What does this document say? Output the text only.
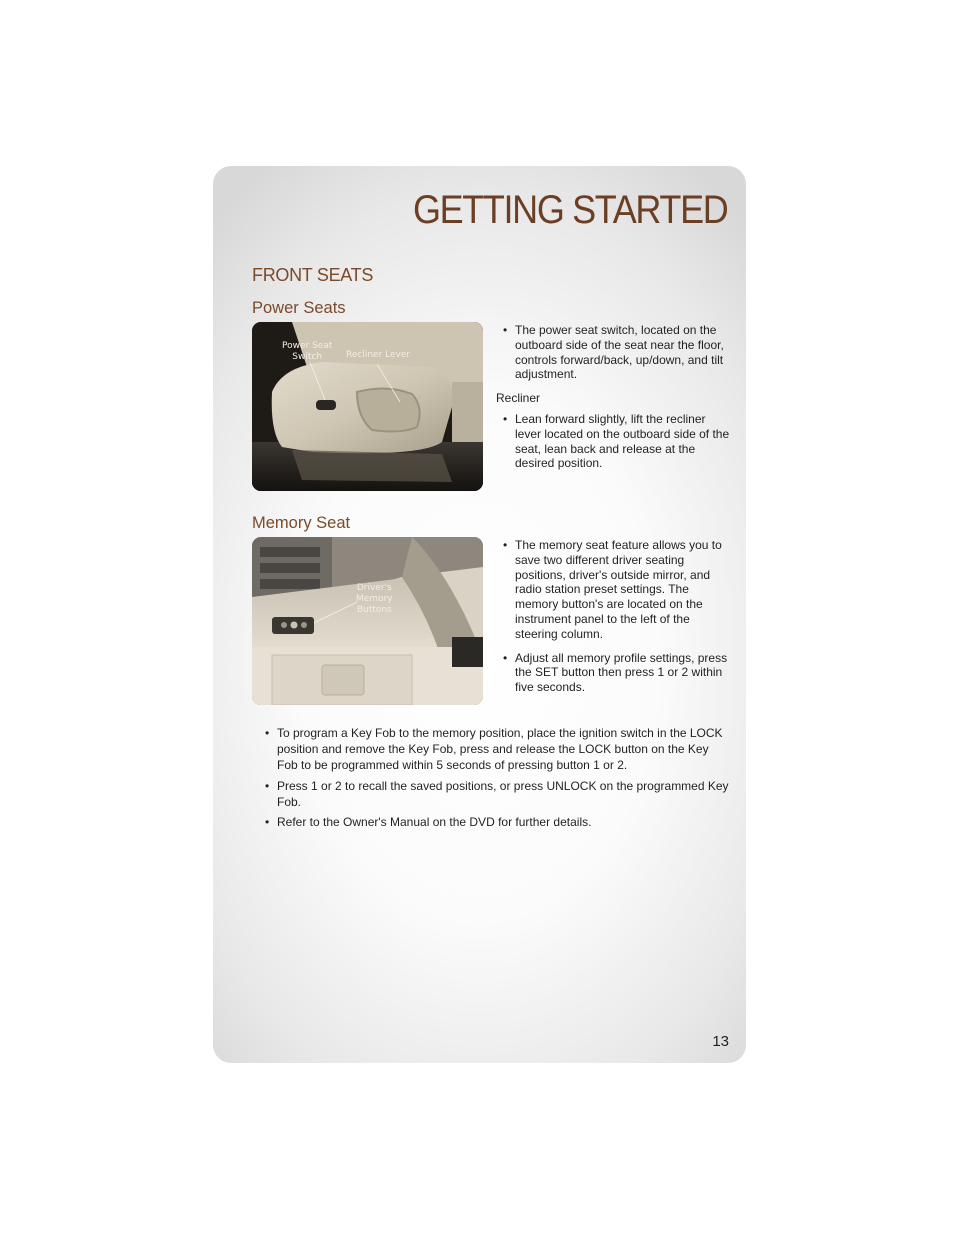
GETTING STARTED
FRONT SEATS
Power Seats
Power Seat
Switch	Recliner Lever
• The power seat switch, located on the outboard side of the seat near the floor, controls forward/back, up/down, and tilt adjustment.

Recliner

• Lean forward slightly, lift the recliner lever located on the outboard side of the seat, lean back and release at the desired position.
Memory Seat
Driver's
Memory
Buttons
• The memory seat feature allows you to save two different driver seating positions, driver's outside mirror, and radio station preset settings. The memory button's are located on the instrument panel to the left of the steering column.
• Adjust all memory profile settings, press the SET button then press 1 or 2 within five seconds.
• To program a Key Fob to the memory position, place the ignition switch in the LOCK position and remove the Key Fob, press and release the LOCK button on the Key Fob to be programmed within 5 seconds of pressing button 1 or 2.
• Press 1 or 2 to recall the saved positions, or press UNLOCK on the programmed Key Fob.
• Refer to the Owner's Manual on the DVD for further details.
13
